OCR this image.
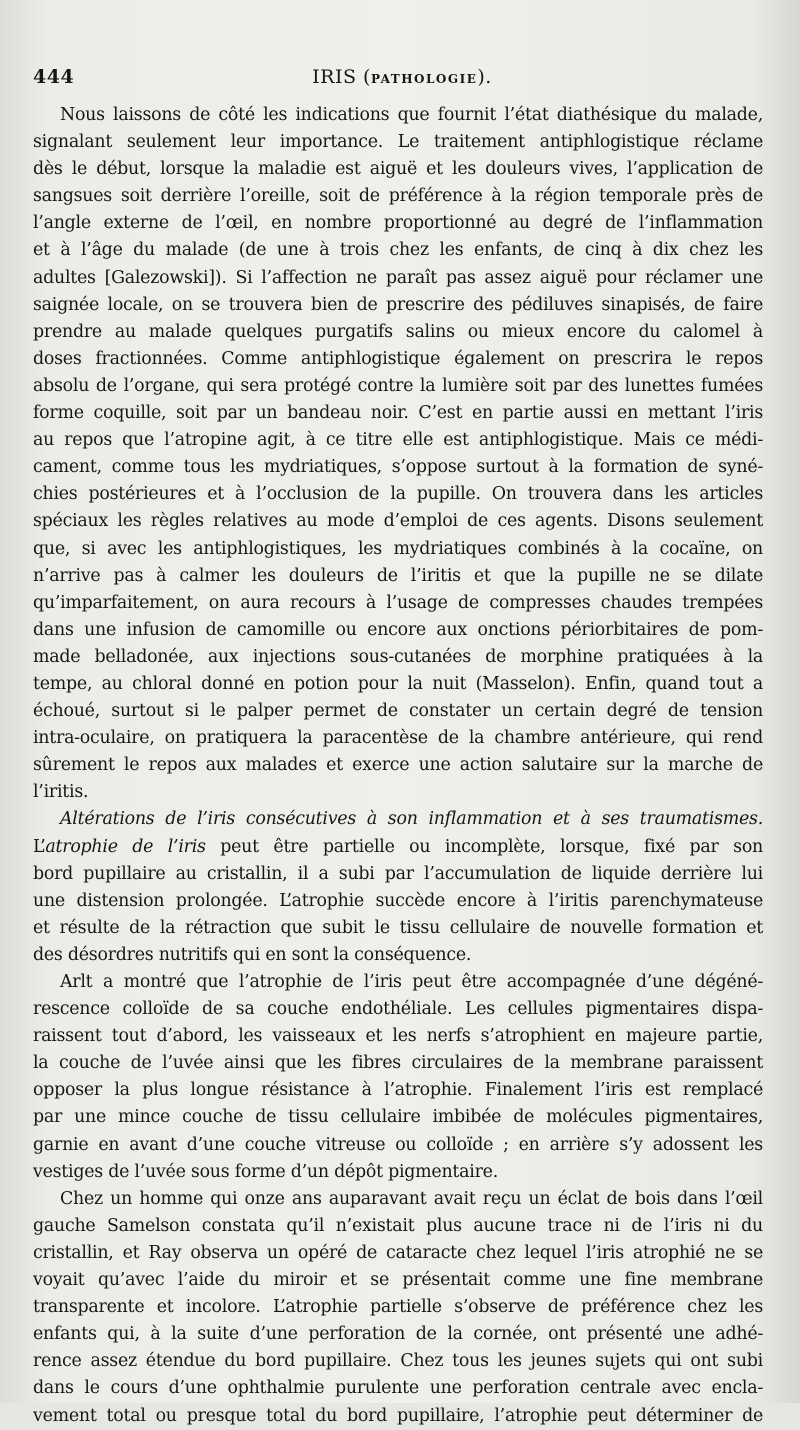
444	IRIS (PATHOLOGIE).
Nous laissons de côté les indications que fournit l’état diathésique du malade,
signalant seulement leur importance. Le traitement antiphlogistique réclame
dès le début, lorsque la maladie est aiguë et les douleurs vives, l’application de
sangsues soit derrière l’oreille, soit de préférence à la région temporale près de
l’angle externe de l’œil, en nombre proportionné au degré de l’inflammation
et à l’âge du malade (de une à trois chez les enfants, de cinq à dix chez les
adultes [Galezowski]). Si l’affection ne paraît pas assez aiguë pour réclamer une
saignée locale, on se trouvera bien de prescrire des pédiluves sinapisés, de faire
prendre au malade quelques purgatifs salins ou mieux encore du calomel à
doses fractionnées. Comme antiphlogistique également on prescrira le repos
absolu de l’organe, qui sera protégé contre la lumière soit par des lunettes fumées
forme coquille, soit par un bandeau noir. C’est en partie aussi en mettant l’iris
au repos que l’atropine agit, à ce titre elle est antiphlogistique. Mais ce médi-
cament, comme tous les mydriatiques, s’oppose surtout à la formation de syné-
chies postérieures et à l’occlusion de la pupille. On trouvera dans les articles
spéciaux les règles relatives au mode d’emploi de ces agents. Disons seulement
que, si avec les antiphlogistiques, les mydriatiques combinés à la cocaïne, on
n’arrive pas à calmer les douleurs de l’iritis et que la pupille ne se dilate
qu’imparfaitement, on aura recours à l’usage de compresses chaudes trempées
dans une infusion de camomille ou encore aux onctions périorbitaires de pom-
made belladonée, aux injections sous-cutanées de morphine pratiquées à la
tempe, au chloral donné en potion pour la nuit (Masselon). Enfin, quand tout a
échoué, surtout si le palper permet de constater un certain degré de tension
intra-oculaire, on pratiquera la paracentèse de la chambre antérieure, qui rend
sûrement le repos aux malades et exerce une action salutaire sur la marche de
l’iritis.
Altérations de l’iris consécutives à son inflammation et à ses traumatismes.
L’atrophie de l’iris peut être partielle ou incomplète, lorsque, fixé par son
bord pupillaire au cristallin, il a subi par l’accumulation de liquide derrière lui
une distension prolongée. L’atrophie succède encore à l’iritis parenchymateuse
et résulte de la rétraction que subit le tissu cellulaire de nouvelle formation et
des désordres nutritifs qui en sont la conséquence.
Arlt a montré que l’atrophie de l’iris peut être accompagnée d’une dégéné-
rescence colloïde de sa couche endothéliale. Les cellules pigmentaires dispa-
raissent tout d’abord, les vaisseaux et les nerfs s’atrophient en majeure partie,
la couche de l’uvée ainsi que les fibres circulaires de la membrane paraissent
opposer la plus longue résistance à l’atrophie. Finalement l’iris est remplacé
par une mince couche de tissu cellulaire imbibée de molécules pigmentaires,
garnie en avant d’une couche vitreuse ou colloïde ; en arrière s’y adossent les
vestiges de l’uvée sous forme d’un dépôt pigmentaire.
Chez un homme qui onze ans auparavant avait reçu un éclat de bois dans l’œil
gauche Samelson constata qu’il n’existait plus aucune trace ni de l’iris ni du
cristallin, et Ray observa un opéré de cataracte chez lequel l’iris atrophié ne se
voyait qu’avec l’aide du miroir et se présentait comme une fine membrane
transparente et incolore. L’atrophie partielle s’observe de préférence chez les
enfants qui, à la suite d’une perforation de la cornée, ont présenté une adhé-
rence assez étendue du bord pupillaire. Chez tous les jeunes sujets qui ont subi
dans le cours d’une ophthalmie purulente une perforation centrale avec encla-
vement total ou presque total du bord pupillaire, l’atrophie peut déterminer de
